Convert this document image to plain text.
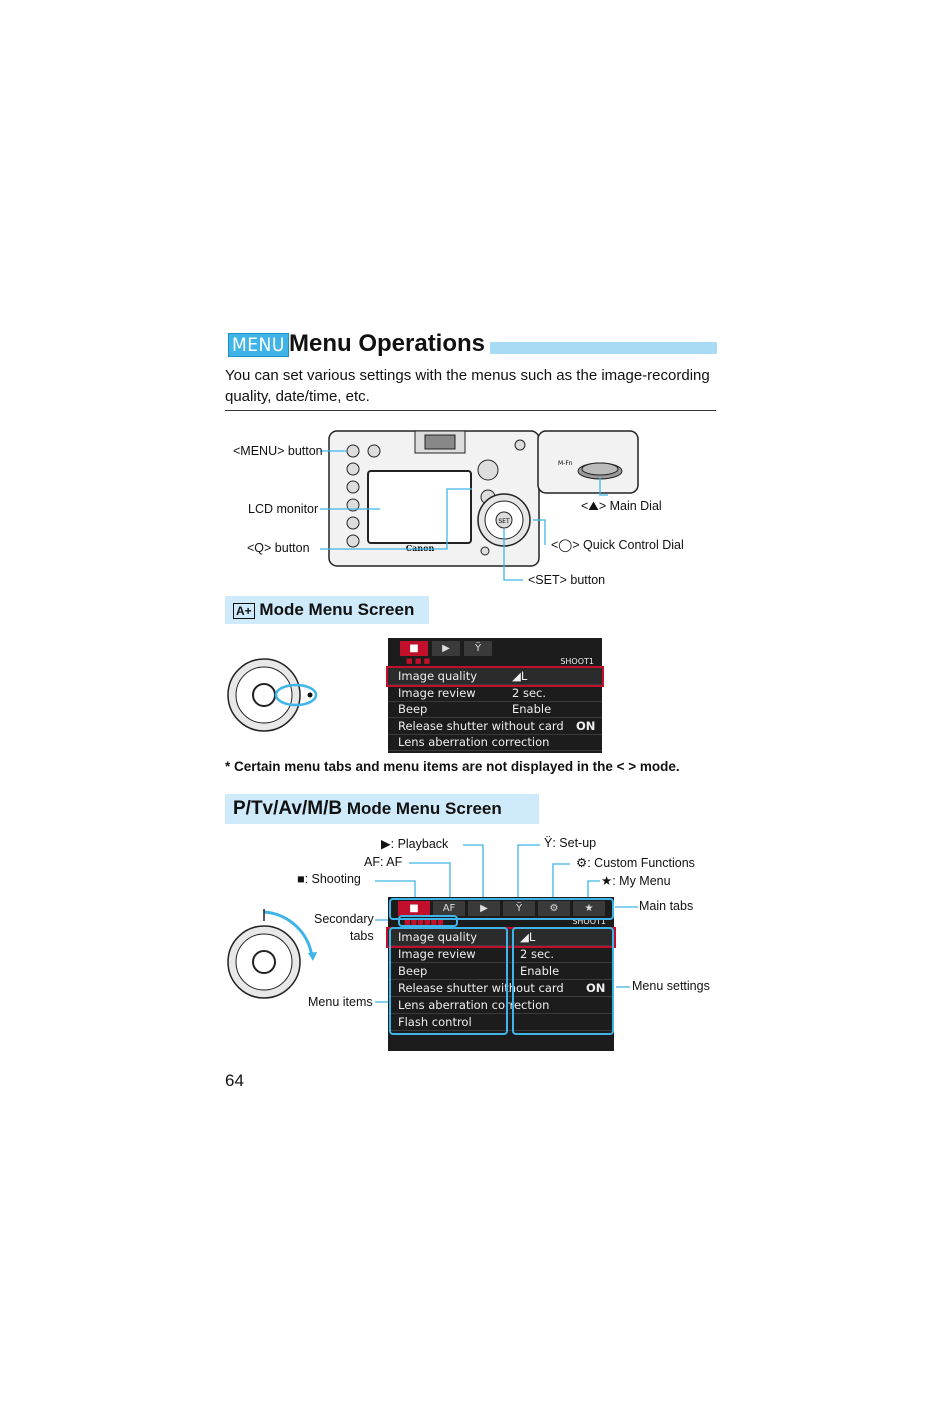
MENU Menu Operations
You can set various settings with the menus such as the image-recording quality, date/time, etc.
SET
Canon
M-Fn
<MENU> button
LCD monitor
<Q> button
<⛰> Main Dial
<◯> Quick Control Dial
<SET> button
A+ Mode Menu Screen
■	▶	Ÿ
■ ■ ■	SHOOT1
Image quality	◢L
Image review	2 sec.
Beep	Enable
Release shutter without card ON
Lens aberration correction
* Certain menu tabs and menu items are not displayed in the < > mode.
P/Tv/Av/M/B Mode Menu Screen
▶: Playback	Ÿ: Set-up
AF: AF	⚙: Custom Functions
■: Shooting	★: My Menu
Main tabs
Secondary
tabs
Menu items
Menu settings
■	AF	▶	Ÿ	⚙	★
■■■■■■	SHOOT1
Image quality	◢L
Image review	2 sec.
Beep	Enable
Release shutter without card ON
Lens aberration correction
Flash control
64
